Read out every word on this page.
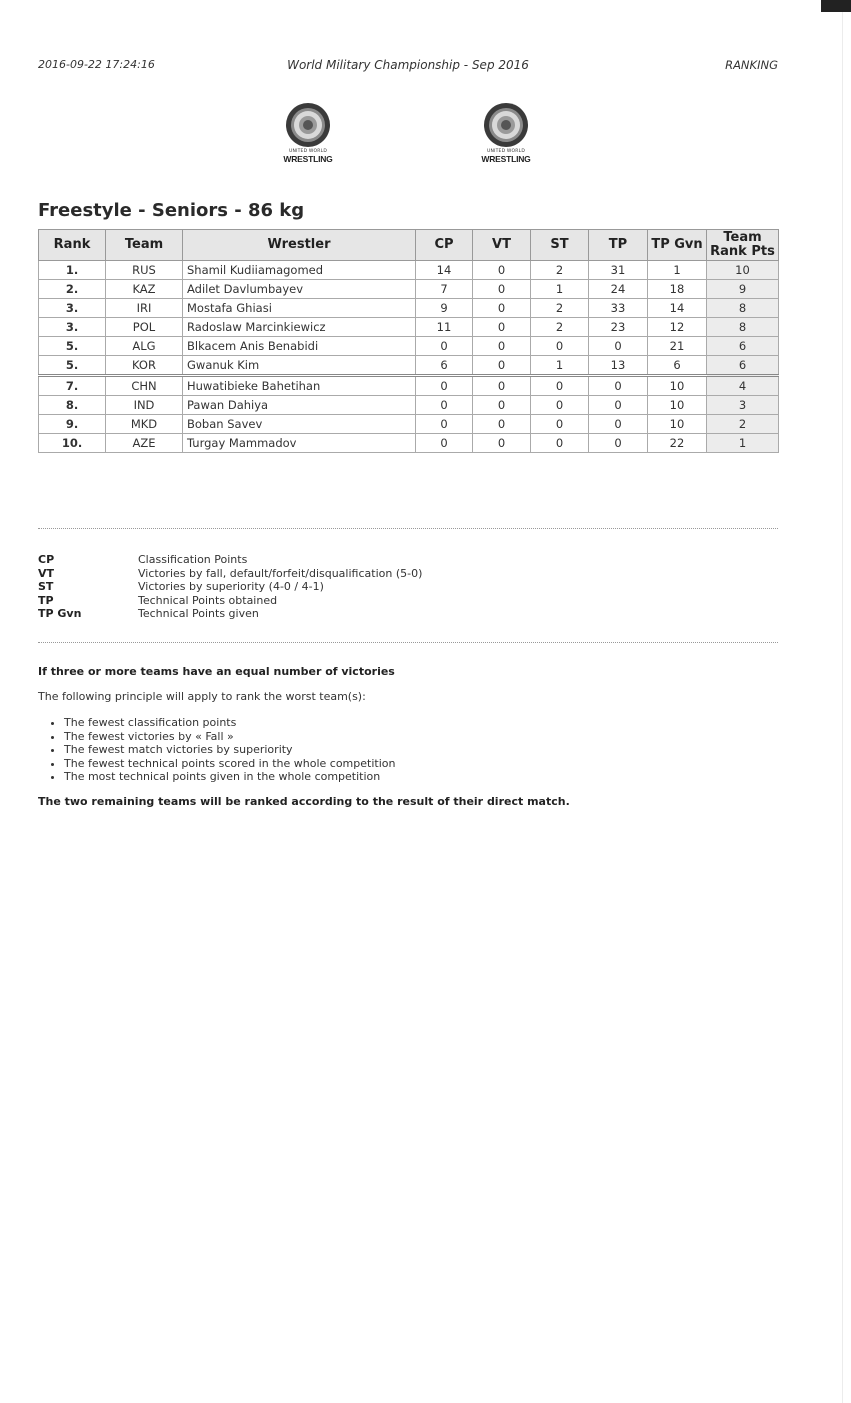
2016-09-22 17:24:16	World Military Championship - Sep 2016	RANKING
UNITED WORLD
WRESTLING
UNITED WORLD
WRESTLING
Freestyle - Seniors - 86 kg
Rank	Team	Wrestler	CP	VT	ST	TP	TP Gvn	Team
Rank Pts
1.	RUS	Shamil Kudiiamagomed	14	0	2	31	1	10
2.	KAZ	Adilet Davlumbayev	7	0	1	24	18	9
3.	IRI	Mostafa Ghiasi	9	0	2	33	14	8
3.	POL	Radoslaw Marcinkiewicz	11	0	2	23	12	8
5.	ALG	Blkacem Anis Benabidi	0	0	0	0	21	6
5.	KOR	Gwanuk Kim	6	0	1	13	6	6
7.	CHN	Huwatibieke Bahetihan	0	0	0	0	10	4
8.	IND	Pawan Dahiya	0	0	0	0	10	3
9.	MKD	Boban Savev	0	0	0	0	10	2
10.	AZE	Turgay Mammadov	0	0	0	0	22	1
CP	Classification Points
VT	Victories by fall, default/forfeit/disqualification (5-0)
ST	Victories by superiority (4-0 / 4-1)
TP	Technical Points obtained
TP Gvn	Technical Points given
If three or more teams have an equal number of victories
The following principle will apply to rank the worst team(s):
• The fewest classification points
• The fewest victories by « Fall »
• The fewest match victories by superiority
• The fewest technical points scored in the whole competition
• The most technical points given in the whole competition
The two remaining teams will be ranked according to the result of their direct match.
